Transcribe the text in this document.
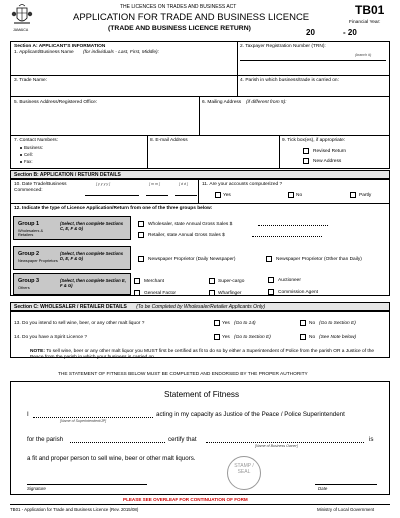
JAMAICA
THE LICENCES ON TRADES AND BUSINESS ACT
APPLICATION FOR TRADE AND BUSINESS LICENCE
(TRADE AND BUSINESS LICENCE RETURN)
TB01
Financial Year:
20	- 20
Section A: APPLICANT'S INFORMATION
1. Applicant/Business Name (for individuals - Last, First, Middle):
2. Taxpayer Registration Number (TRN):
(branch #)
3. Trade Name:	4. Parish in which business/trade is carried on:
5. Business Address/Registered Office:	6. Mailing Address (if different from 5):
7. Contact Numbers:
Business:
Cell:
Fax:
8. E-mail Address	9. Tick box(es), if appropriate:
Revised Return
New Address
Section B: APPLICATION / RETURN DETAILS
10. Date Trade/Business Commenced:
[ y y y y ]	[ m m ]	[ d d ]	11. Are your accounts computerized ?
Yes	No	Partly
12. Indicate the type of Licence Application/Return from one of the three groups below:
Group 1
Wholesalers & Retailers
(Select, then complete Sections C, E, F & G)
Wholesaler, state Annual Gross Sales $
Retailer, state Annual Gross Sales $
Group 2
Newspaper Proprietors
(Select, then complete Sections D, E, F & G)	Newspaper Proprietor (Daily Newspaper)	Newspaper Proprietor (Other than Daily)
Group 3
Others
(Select, then complete Section E, F & G)
Merchant	Super-cargo	Auctioneer
General Factor	Wharfinger	Commission Agent
Section C: WHOLESALER / RETAILER DETAILS (To be Completed by Wholesaler/Retailer Applicants Only)
13. Do you intend to sell wine, beer, or any other malt liquor ?	Yes (Go to 14)	No (Go to Section E)
14. Do you have a Spirit Licence ?	Yes (Go to Section E)	No (See Note below)
NOTE: To sell wine, beer or any other malt liquor you MUST first be certified as fit to do so by either a Superintendent of Police from the parish OR a Justice of the Peace from the parish in which your business is carried on.
THE STATEMENT OF FITNESS BELOW MUST BE COMPLETED AND ENDORSED BY THE PROPER AUTHORITY
Statement of Fitness
I
[Name of Superintendent/JP]
acting in my capacity as Justice of the Peace / Police Superintendent
for the parish	certify that
[Name of Business Owner]
is
a fit and proper person to sell wine, beer or other malt liquors.
STAMP / SEAL
Signature	Date
PLEASE SEE OVERLEAF FOR CONTINUATION OF FORM
TB01 - Application for Trade and Business Licence (Rev. 2015/08)	Ministry of Local Government
